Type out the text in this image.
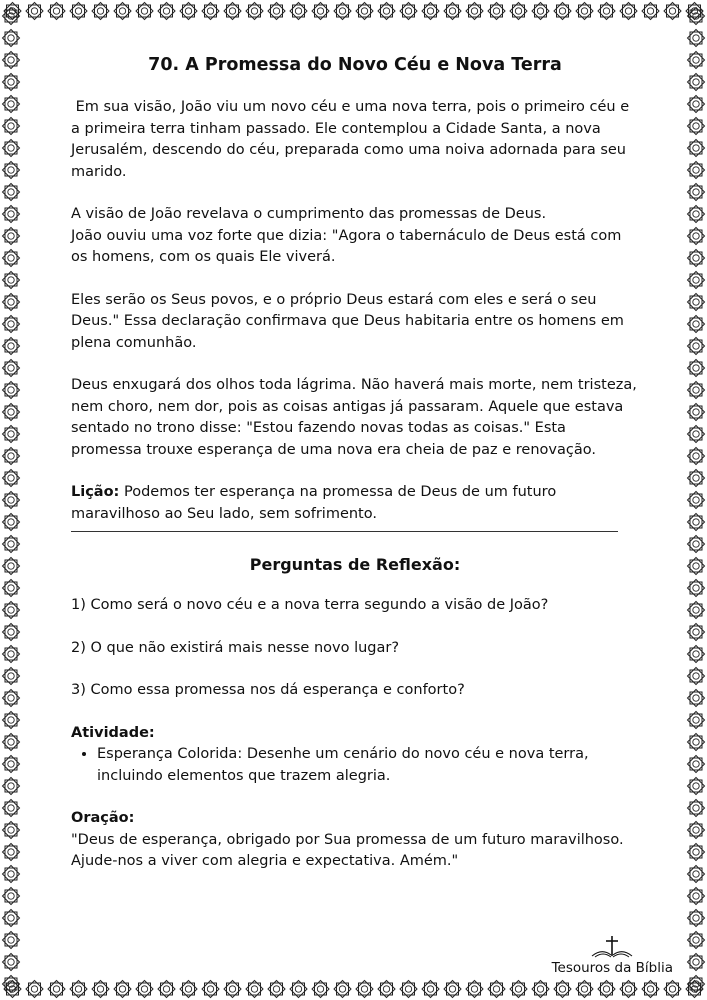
70. A Promessa do Novo Céu e Nova Terra

Em sua visão, João viu um novo céu e uma nova terra, pois o primeiro céu e a primeira terra tinham passado. Ele contemplou a Cidade Santa, a nova Jerusalém, descendo do céu, preparada como uma noiva adornada para seu marido.

A visão de João revelava o cumprimento das promessas de Deus.
João ouviu uma voz forte que dizia: "Agora o tabernáculo de Deus está com os homens, com os quais Ele viverá.

Eles serão os Seus povos, e o próprio Deus estará com eles e será o seu Deus." Essa declaração confirmava que Deus habitaria entre os homens em plena comunhão.

Deus enxugará dos olhos toda lágrima. Não haverá mais morte, nem tristeza, nem choro, nem dor, pois as coisas antigas já passaram. Aquele que estava sentado no trono disse: "Estou fazendo novas todas as coisas." Esta promessa trouxe esperança de uma nova era cheia de paz e renovação.

Lição: Podemos ter esperança na promessa de Deus de um futuro maravilhoso ao Seu lado, sem sofrimento.

Perguntas de Reflexão:
1) Como será o novo céu e a nova terra segundo a visão de João?
2) O que não existirá mais nesse novo lugar?
3) Como essa promessa nos dá esperança e conforto?
Atividade:
• Esperança Colorida: Desenhe um cenário do novo céu e nova terra, incluindo elementos que trazem alegria.
Oração:
"Deus de esperança, obrigado por Sua promessa de um futuro maravilhoso.
Ajude-nos a viver com alegria e expectativa. Amém."
Tesouros da Bíblia
